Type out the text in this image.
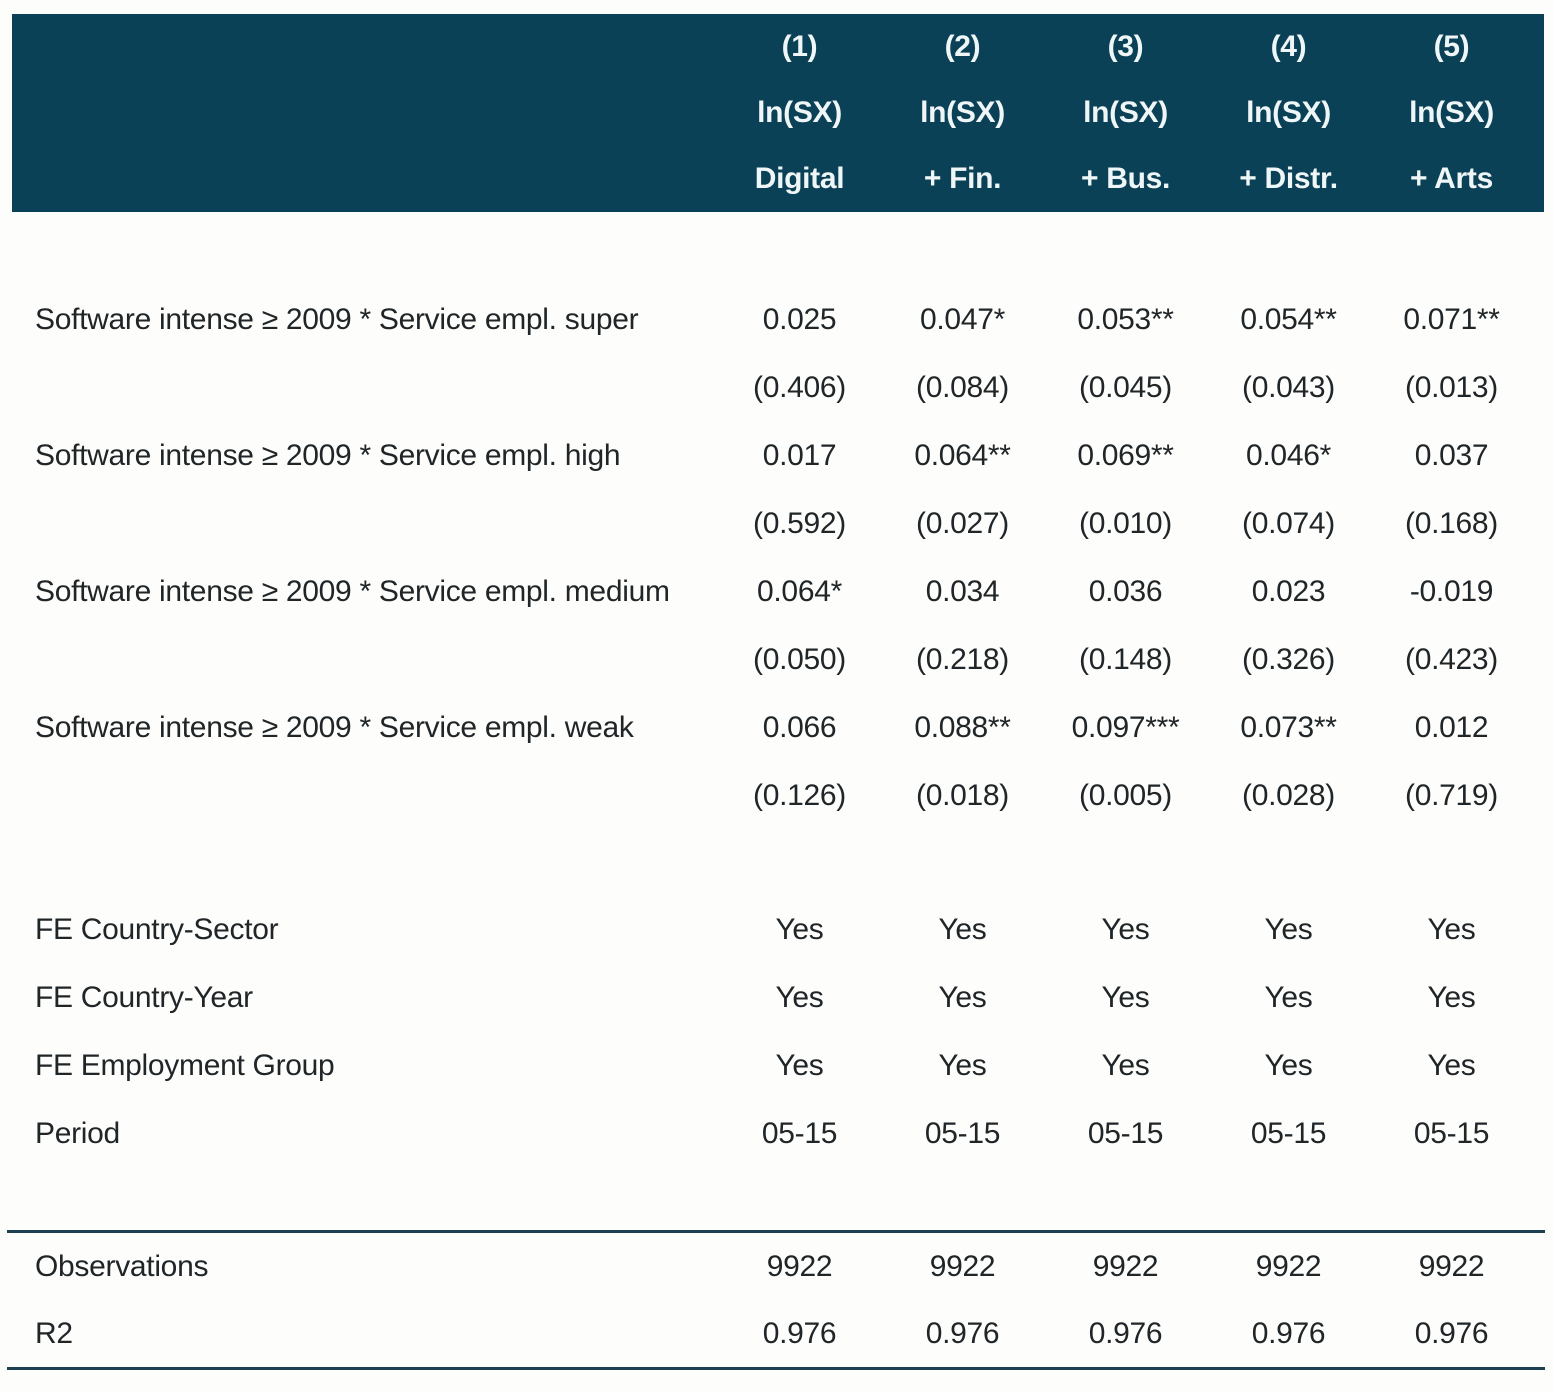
(1)	(2)	(3)	(4)	(5)
ln(SX)	ln(SX)	ln(SX)	ln(SX)	ln(SX)
Digital	+ Fin.	+ Bus.	+ Distr.	+ Arts
Software intense ≥ 2009 * Service empl. super	0.025	0.047*	0.053**	0.054**	0.071**
(0.406)	(0.084)	(0.045)	(0.043)	(0.013)
Software intense ≥ 2009 * Service empl. high	0.017	0.064**	0.069**	0.046*	0.037
(0.592)	(0.027)	(0.010)	(0.074)	(0.168)
Software intense ≥ 2009 * Service empl. medium	0.064*	0.034	0.036	0.023	-0.019
(0.050)	(0.218)	(0.148)	(0.326)	(0.423)
Software intense ≥ 2009 * Service empl. weak	0.066	0.088**	0.097***	0.073**	0.012
(0.126)	(0.018)	(0.005)	(0.028)	(0.719)
FE Country-Sector	Yes	Yes	Yes	Yes	Yes
FE Country-Year	Yes	Yes	Yes	Yes	Yes
FE Employment Group	Yes	Yes	Yes	Yes	Yes
Period	05-15	05-15	05-15	05-15	05-15
Observations	9922	9922	9922	9922	9922
R2	0.976	0.976	0.976	0.976	0.976
